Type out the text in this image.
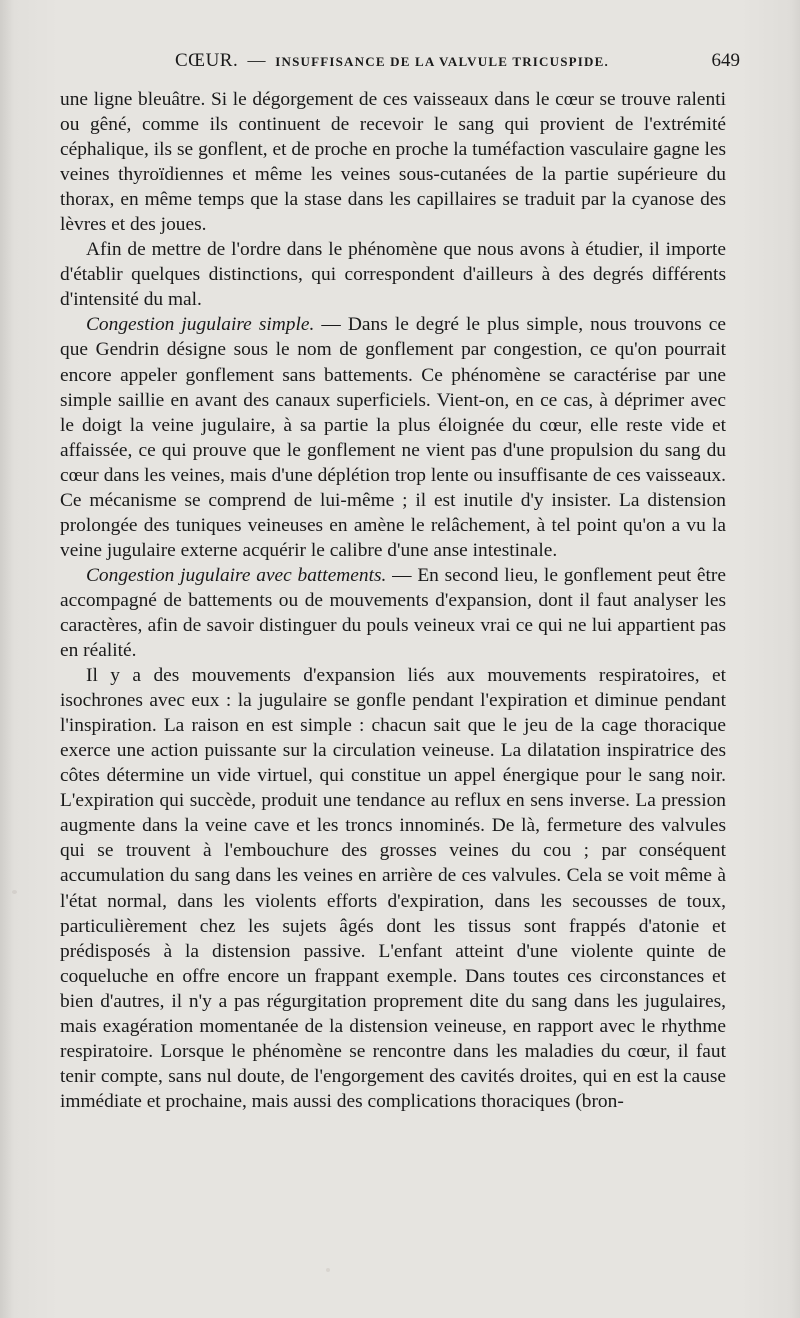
CŒUR. — INSUFFISANCE DE LA VALVULE TRICUSPIDE.	649

une ligne bleuâtre. Si le dégorgement de ces vaisseaux dans le cœur se trouve ralenti ou gêné, comme ils continuent de recevoir le sang qui provient de l'extrémité céphalique, ils se gonflent, et de proche en proche la tuméfaction vasculaire gagne les veines thyroïdiennes et même les veines sous-cutanées de la partie supérieure du thorax, en même temps que la stase dans les capillaires se traduit par la cyanose des lèvres et des joues.

Afin de mettre de l'ordre dans le phénomène que nous avons à étudier, il importe d'établir quelques distinctions, qui correspondent d'ailleurs à des degrés différents d'intensité du mal.

Congestion jugulaire simple. — Dans le degré le plus simple, nous trouvons ce que Gendrin désigne sous le nom de gonflement par congestion, ce qu'on pourrait encore appeler gonflement sans battements. Ce phénomène se caractérise par une simple saillie en avant des canaux superficiels. Vient-on, en ce cas, à déprimer avec le doigt la veine jugulaire, à sa partie la plus éloignée du cœur, elle reste vide et affaissée, ce qui prouve que le gonflement ne vient pas d'une propulsion du sang du cœur dans les veines, mais d'une déplétion trop lente ou insuffisante de ces vaisseaux. Ce mécanisme se comprend de lui-même ; il est inutile d'y insister. La distension prolongée des tuniques veineuses en amène le relâchement, à tel point qu'on a vu la veine jugulaire externe acquérir le calibre d'une anse intestinale.

Congestion jugulaire avec battements. — En second lieu, le gonflement peut être accompagné de battements ou de mouvements d'expansion, dont il faut analyser les caractères, afin de savoir distinguer du pouls veineux vrai ce qui ne lui appartient pas en réalité.

Il y a des mouvements d'expansion liés aux mouvements respiratoires, et isochrones avec eux : la jugulaire se gonfle pendant l'expiration et diminue pendant l'inspiration. La raison en est simple : chacun sait que le jeu de la cage thoracique exerce une action puissante sur la circulation veineuse. La dilatation inspiratrice des côtes détermine un vide virtuel, qui constitue un appel énergique pour le sang noir. L'expiration qui succède, produit une tendance au reflux en sens inverse. La pression augmente dans la veine cave et les troncs innominés. De là, fermeture des valvules qui se trouvent à l'embouchure des grosses veines du cou ; par conséquent accumulation du sang dans les veines en arrière de ces valvules. Cela se voit même à l'état normal, dans les violents efforts d'expiration, dans les secousses de toux, particulièrement chez les sujets âgés dont les tissus sont frappés d'atonie et prédisposés à la distension passive. L'enfant atteint d'une violente quinte de coqueluche en offre encore un frappant exemple. Dans toutes ces circonstances et bien d'autres, il n'y a pas régurgitation proprement dite du sang dans les jugulaires, mais exagération momentanée de la distension veineuse, en rapport avec le rhythme respiratoire. Lorsque le phénomène se rencontre dans les maladies du cœur, il faut tenir compte, sans nul doute, de l'engorgement des cavités droites, qui en est la cause immédiate et prochaine, mais aussi des complications thoraciques (bron-
